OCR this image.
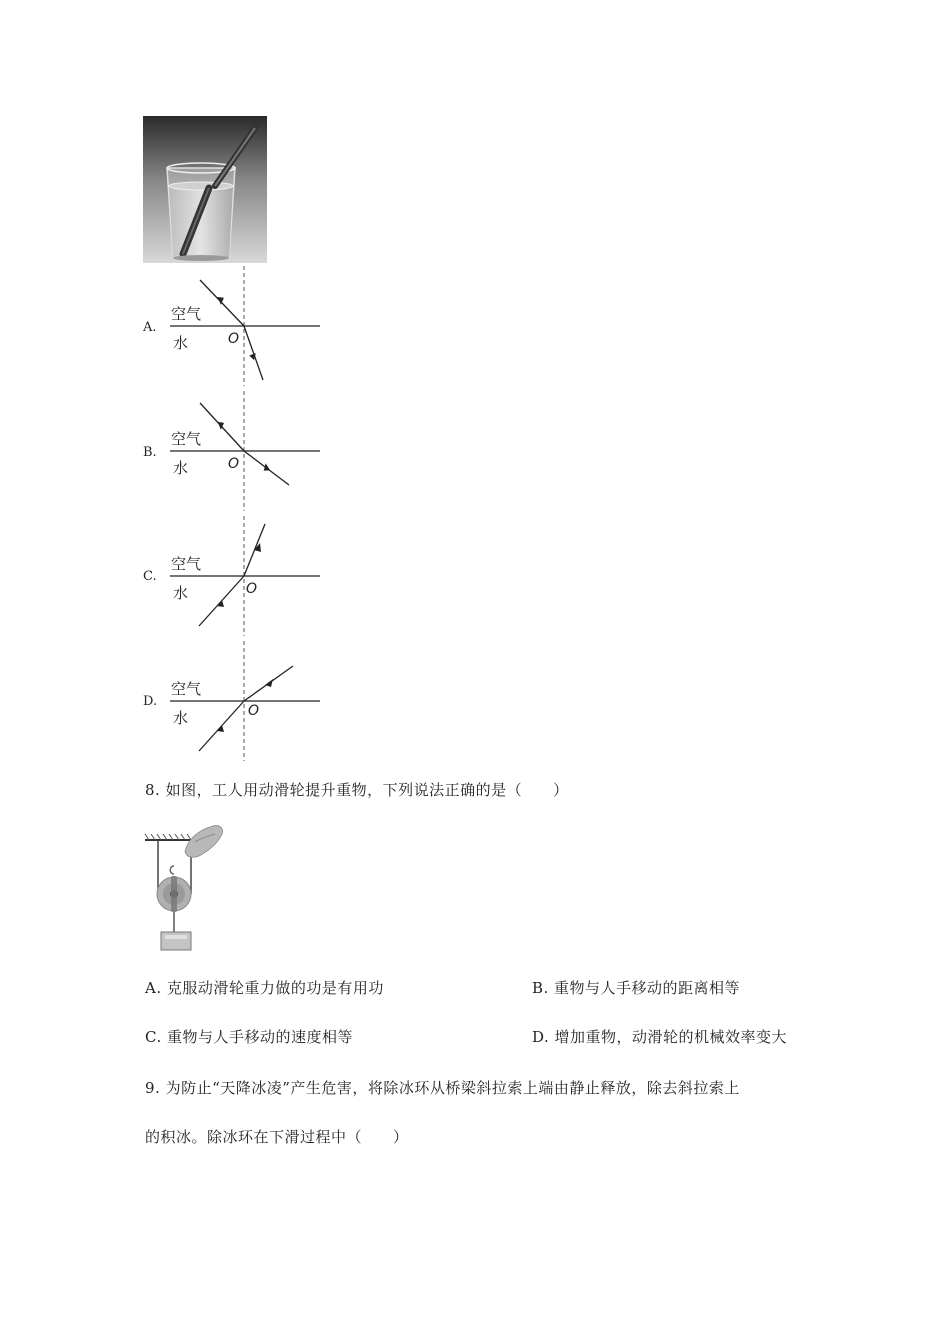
A.
空气
水	O
B.
空气
水	O
C.
空气
水	O
D.
空气
水	O
8. 如图，工人用动滑轮提升重物，下列说法正确的是（　　）
A. 克服动滑轮重力做的功是有用功	B. 重物与人手移动的距离相等
C. 重物与人手移动的速度相等	D. 增加重物，动滑轮的机械效率变大
9. 为防止“天降冰凌”产生危害，将除冰环从桥梁斜拉索上端由静止释放，除去斜拉索上
的积冰。除冰环在下滑过程中（　　）
